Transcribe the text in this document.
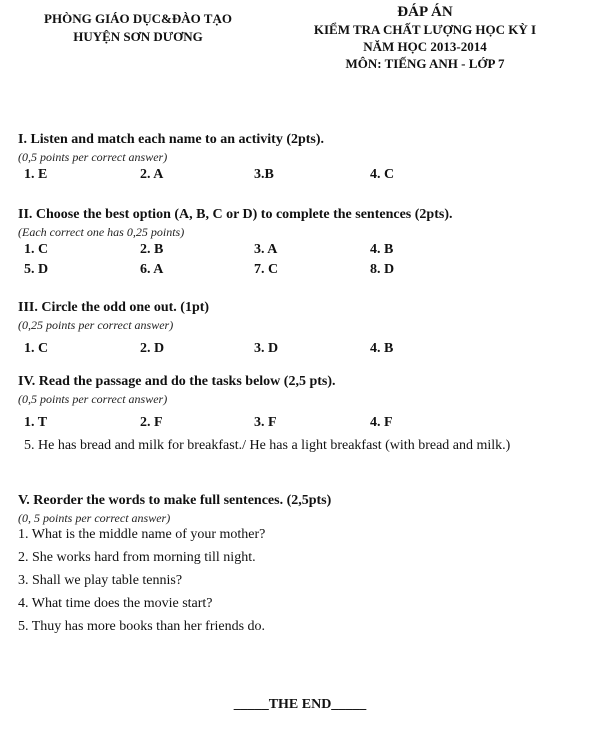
PHÒNG GIÁO DỤC&ĐÀO TẠO
HUYỆN SƠN DƯƠNG
ĐÁP ÁN
KIỂM TRA CHẤT LƯỢNG HỌC KỲ I
NĂM HỌC 2013-2014
MÔN: TIẾNG ANH - LỚP 7
I. Listen and match each name to an activity (2pts).
(0,5 points per correct answer)
1. E	2. A	3.B	4. C
II. Choose the best option (A, B, C or D) to complete the sentences (2pts).
(Each correct one has 0,25 points)
1. C	2. B	3. A	4. B
5. D	6. A	7. C	8. D
III. Circle the odd one out. (1pt)
(0,25 points per correct answer)
1. C	2. D	3. D	4. B
IV. Read the passage and do the tasks below (2,5 pts).
(0,5 points per correct answer)
1. T	2. F	3. F	4. F
5. He has bread and milk for breakfast./ He has a light breakfast (with bread and milk.)
V. Reorder the words to make full sentences. (2,5pts)
(0, 5 points per correct answer)
1. What is the middle name of your mother?
2. She works hard from morning till night.
3. Shall we play table tennis?
4. What time does the movie start?
5. Thuy has more books than her friends do.
_____THE END_____
